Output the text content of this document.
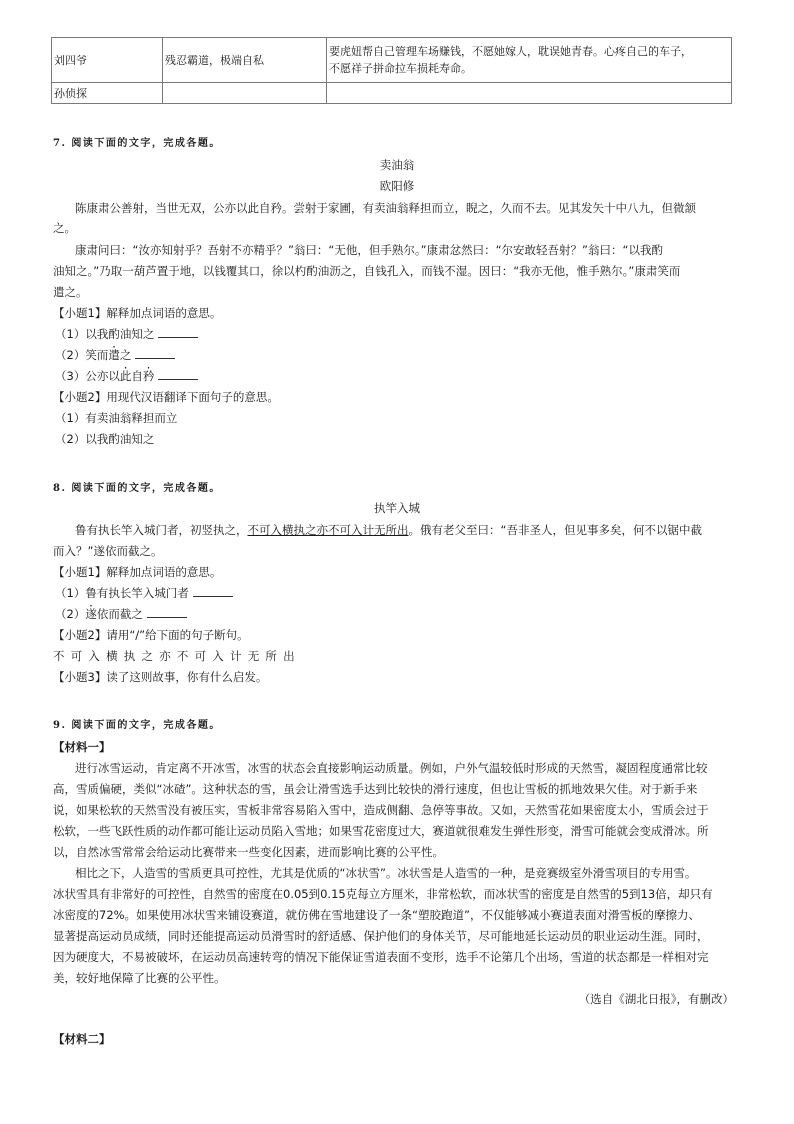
刘四爷	残忍霸道，极端自私	要虎妞帮自己管理车场赚钱，不愿她嫁人，耽误她青春。心疼自己的车子，
不愿祥子拼命拉车损耗寿命。

孙侦探		
7. 阅读下面的文字，完成各题。
卖油翁
欧阳修
陈康肃公善射，当世无双，公亦以此自矜。尝射于家圃，有卖油翁释担而立，睨之，久而不去。见其发矢十中八九，但微颔
之。
康肃问曰：“汝亦知射乎？吾射不亦精乎？”翁曰：“无他，但手熟尔。”康肃忿然曰：“尔安敢轻吾射？”翁曰：“以我酌
油知之。”乃取一葫芦置于地，以钱覆其口，徐以杓酌油沥之，自钱孔入，而钱不湿。因曰：“我亦无他，惟手熟尔。”康肃笑而
遣之。
【小题1】解释加点词语的意思。
（1）以我酌油知之
（2）笑而遣之
（3）公亦以此自矜
【小题2】用现代汉语翻译下面句子的意思。
（1）有卖油翁释担而立
（2）以我酌油知之
8. 阅读下面的文字，完成各题。
执竿入城
鲁有执长竿入城门者，初竖执之，不可入横执之亦不可入计无所出。俄有老父至曰：“吾非圣人，但见事多矣，何不以锯中截
而入？”遂依而截之。
【小题1】解释加点词语的意思。
（1）鲁有执长竿入城门者
（2）遂依而截之
【小题2】请用“/”给下面的句子断句。
不可入横执之亦不可入计无所出
【小题3】读了这则故事，你有什么启发。
9. 阅读下面的文字，完成各题。
【材料一】
进行冰雪运动，肯定离不开冰雪，冰雪的状态会直接影响运动质量。例如，户外气温较低时形成的天然雪，凝固程度通常比较
高，雪质偏硬，类似“冰碴”。这种状态的雪，虽会让滑雪选手达到比较快的滑行速度，但也让雪板的抓地效果欠佳。对于新手来
说，如果松软的天然雪没有被压实，雪板非常容易陷入雪中，造成侧翻、急停等事故。又如，天然雪花如果密度太小，雪质会过于
松软，一些飞跃性质的动作都可能让运动员陷入雪地；如果雪花密度过大，赛道就很难发生弹性形变，滑雪可能就会变成滑冰。所
以，自然冰雪常常会给运动比赛带来一些变化因素，进而影响比赛的公平性。
相比之下，人造雪的雪质更具可控性，尤其是优质的“冰状雪”。冰状雪是人造雪的一种，是竞赛级室外滑雪项目的专用雪。
冰状雪具有非常好的可控性，自然雪的密度在0.05到0.15克每立方厘米，非常松软，而冰状雪的密度是自然雪的5到13倍，却只有
冰密度的72%。如果使用冰状雪来铺设赛道，就仿佛在雪地建设了一条“塑胶跑道”，不仅能够减小赛道表面对滑雪板的摩擦力、
显著提高运动员成绩，同时还能提高运动员滑雪时的舒适感、保护他们的身体关节，尽可能地延长运动员的职业运动生涯。同时，
因为硬度大，不易被破坏，在运动员高速转弯的情况下能保证雪道表面不变形，选手不论第几个出场，雪道的状态都是一样相对完
美，较好地保障了比赛的公平性。
（选自《湖北日报》，有删改）
【材料二】
